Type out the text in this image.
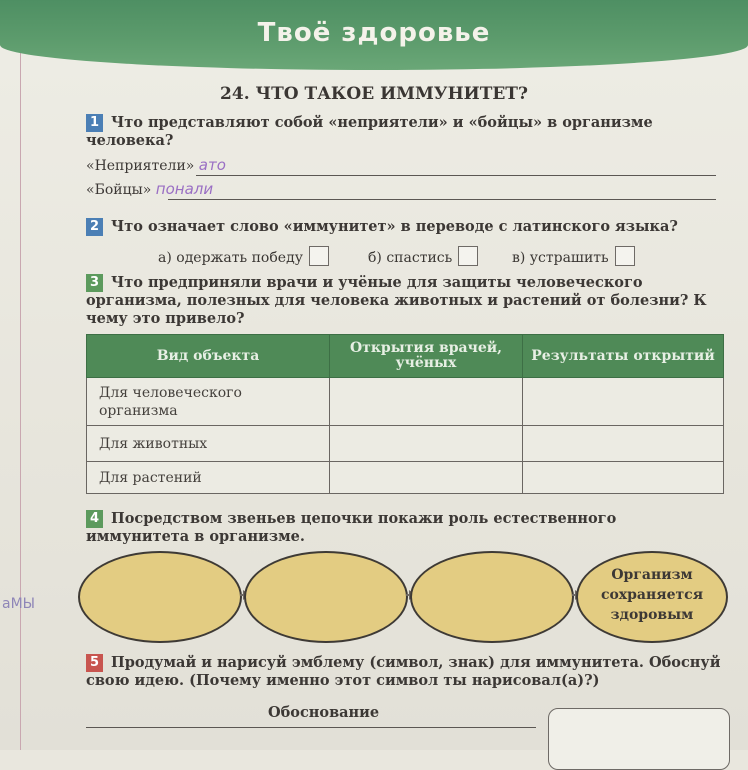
Твоё здоровье
24. ЧТО ТАКОЕ ИММУНИТЕТ?
1 Что представляют собой «неприятели» и «бойцы» в организме человека?
«Неприятели» ато
«Бойцы» понали
2 Что означает слово «иммунитет» в переводе с латинского языка?
а) одержать победу	б) спастись	в) устрашить
3 Что предприняли врачи и учёные для защиты человеческого организма, полезных для человека животных и растений от болезни? К чему это привело?
Вид объекта	Открытия врачей, учёных	Результаты открытий
Для человеческого организма		
Для животных		
Для растений		
4 Посредством звеньев цепочки покажи роль естественного иммунитета в организме.
Организм сохраняется здоровым
5 Продумай и нарисуй эмблему (символ, знак) для иммунитета. Обоснуй свою идею. (Почему именно этот символ ты нарисовал(а)?)
Обоснование
аМЫ
